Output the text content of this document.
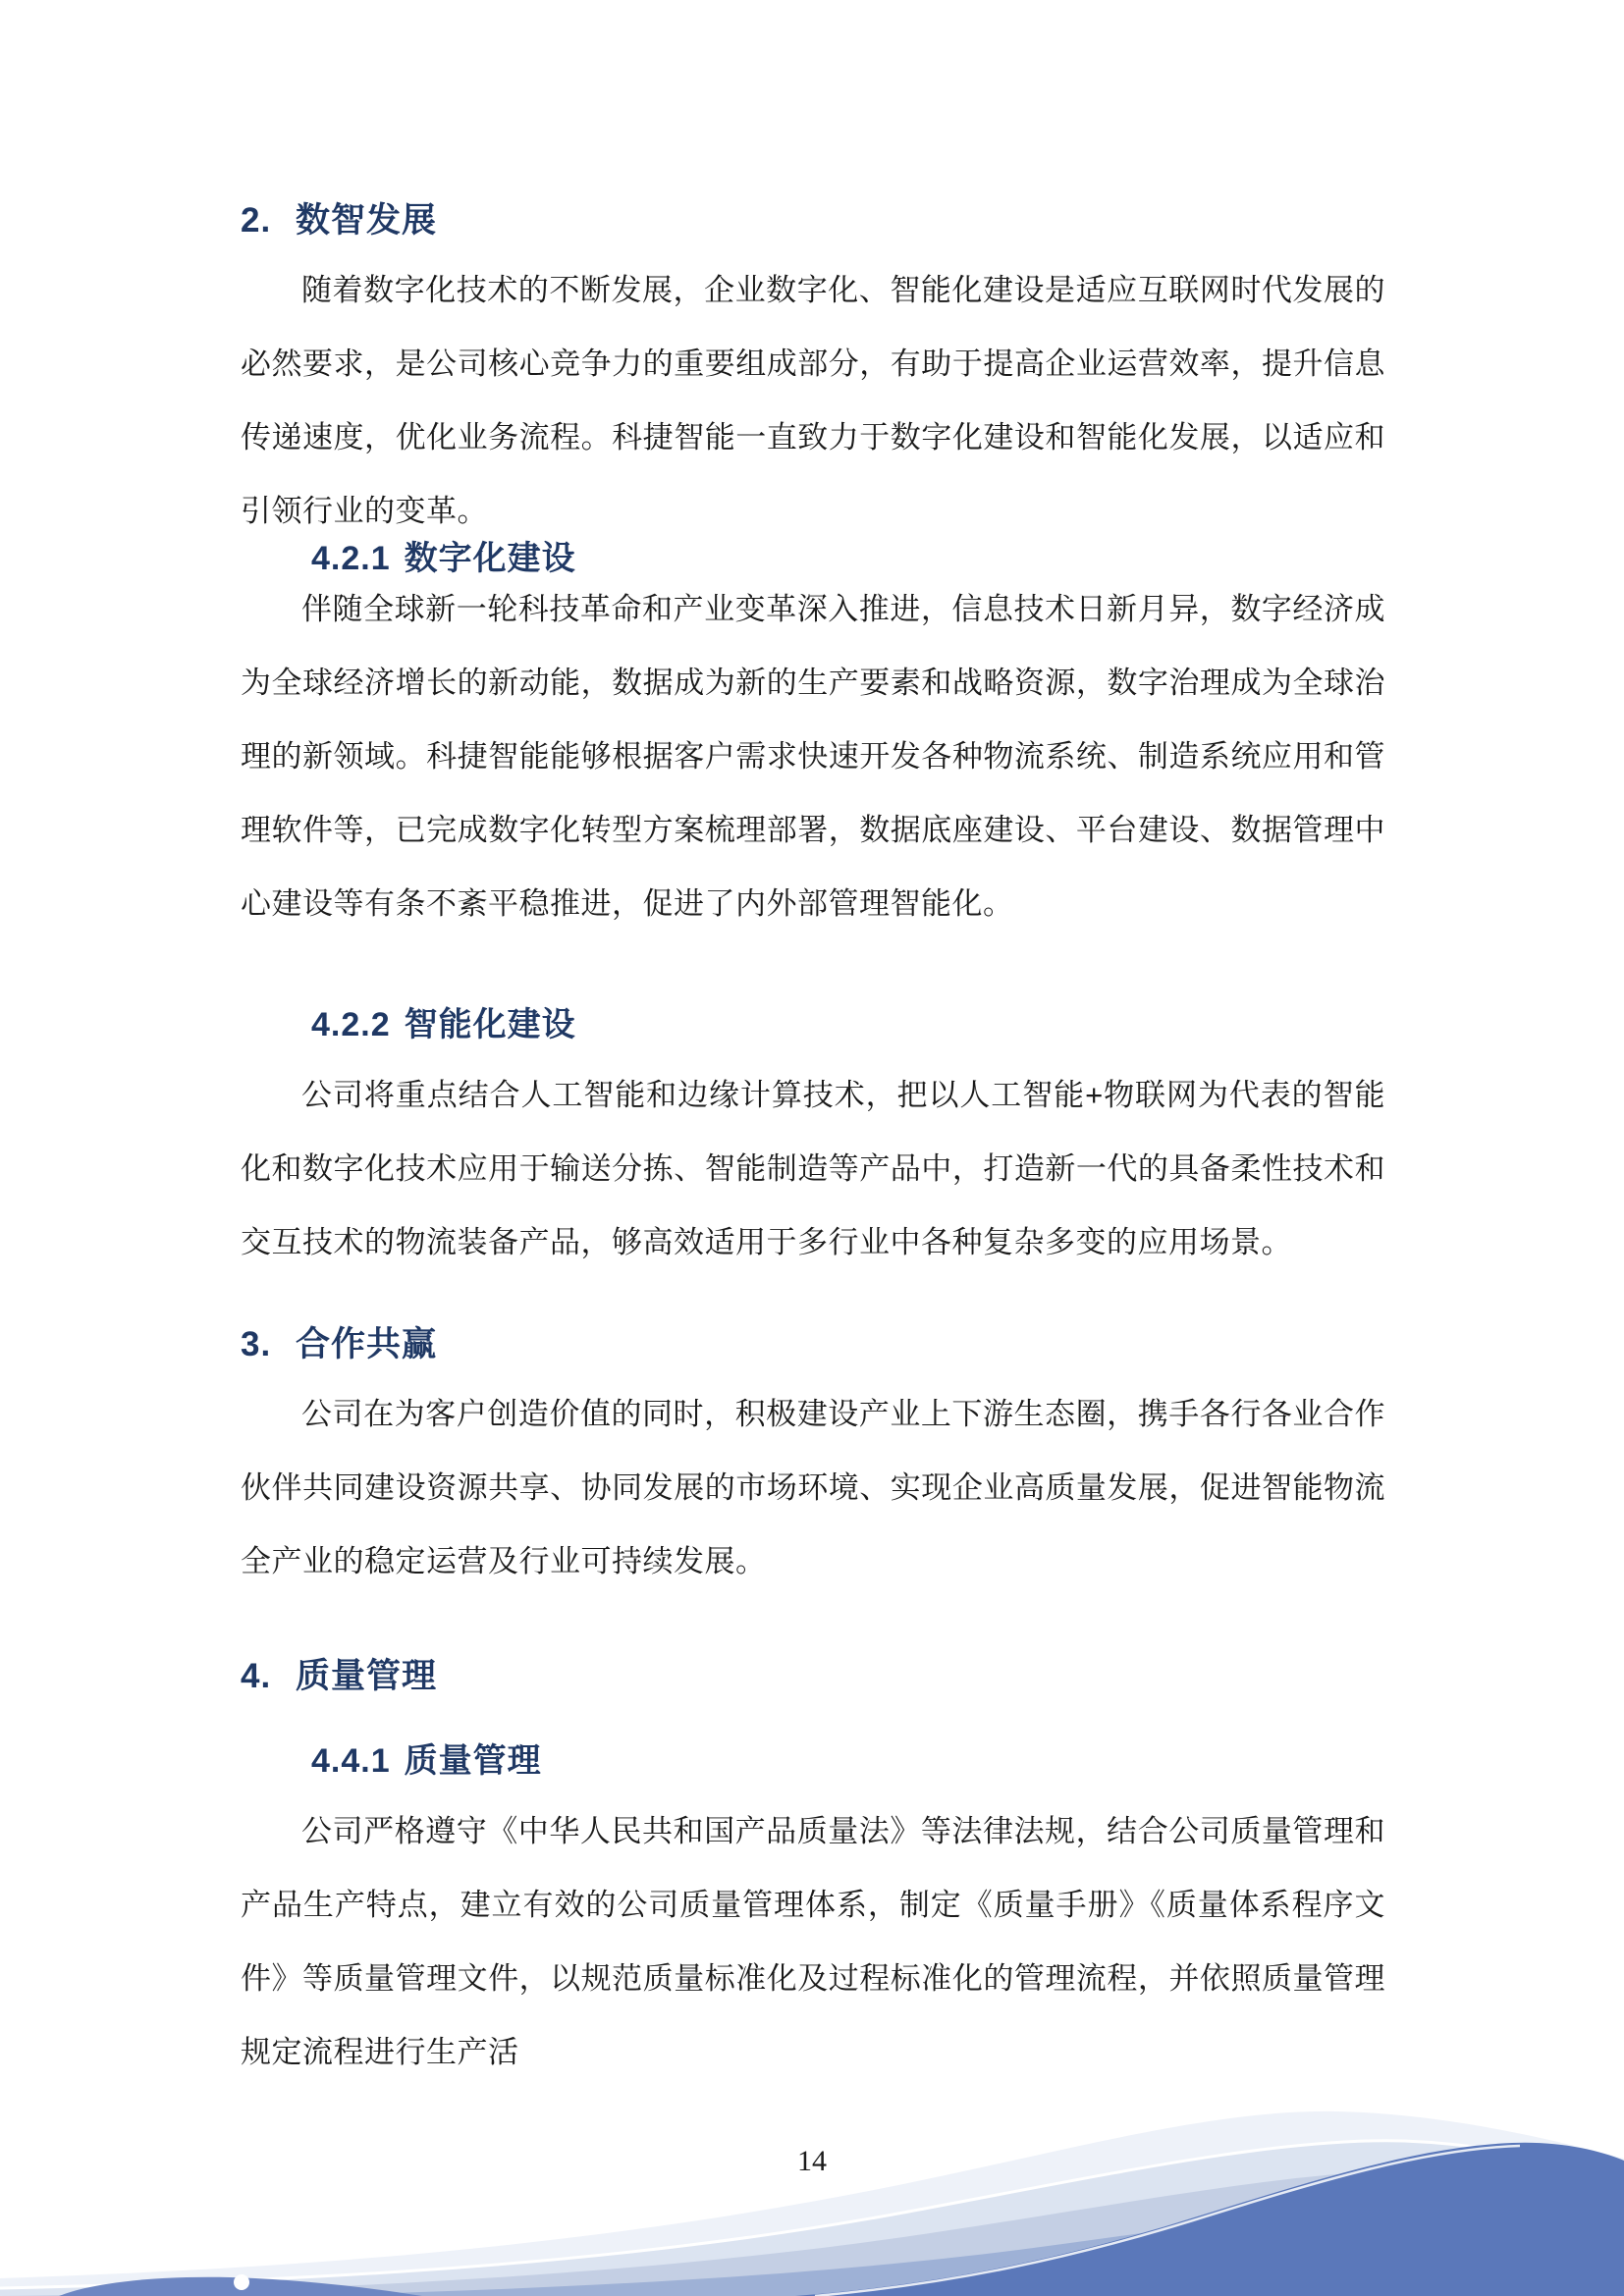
2. 数智发展

随着数字化技术的不断发展，企业数字化、智能化建设是适应互联网时代发展的必然要求，是公司核心竞争力的重要组成部分，有助于提高企业运营效率，提升信息传递速度，优化业务流程。科捷智能一直致力于数字化建设和智能化发展，以适应和引领行业的变革。

4.2.1 数字化建设

伴随全球新一轮科技革命和产业变革深入推进，信息技术日新月异，数字经济成为全球经济增长的新动能，数据成为新的生产要素和战略资源，数字治理成为全球治理的新领域。科捷智能能够根据客户需求快速开发各种物流系统、制造系统应用和管理软件等，已完成数字化转型方案梳理部署，数据底座建设、平台建设、数据管理中心建设等有条不紊平稳推进，促进了内外部管理智能化。

4.2.2 智能化建设

公司将重点结合人工智能和边缘计算技术，把以人工智能+物联网为代表的智能化和数字化技术应用于输送分拣、智能制造等产品中，打造新一代的具备柔性技术和交互技术的物流装备产品，够高效适用于多行业中各种复杂多变的应用场景。

3. 合作共赢

公司在为客户创造价值的同时，积极建设产业上下游生态圈，携手各行各业合作伙伴共同建设资源共享、协同发展的市场环境、实现企业高质量发展，促进智能物流全产业的稳定运营及行业可持续发展。

4. 质量管理
4.4.1 质量管理

公司严格遵守《中华人民共和国产品质量法》等法律法规，结合公司质量管理和产品生产特点，建立有效的公司质量管理体系，制定《质量手册》《质量体系程序文件》等质量管理文件，以规范质量标准化及过程标准化的管理流程，并依照质量管理规定流程进行生产活

14
